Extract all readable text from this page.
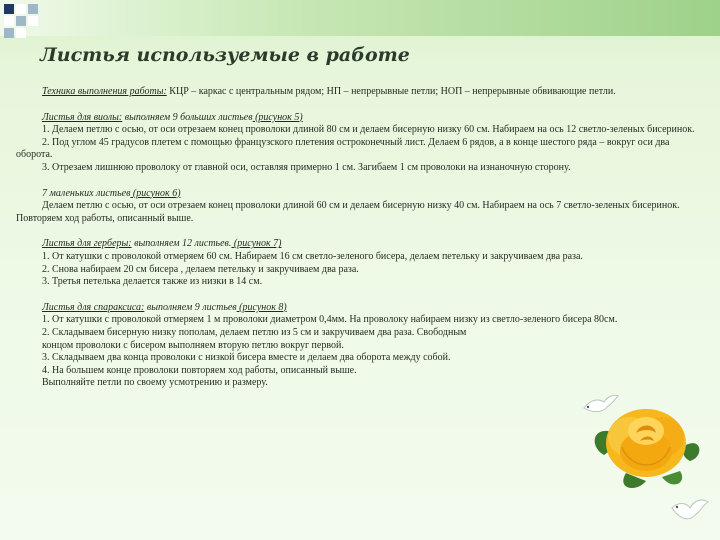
Листья используемые в работе

Техника выполнения работы: КЦР – каркас с центральным рядом; НП – непрерывные петли; НОП – непрерывные обвивающие петли.

Листья для виолы: выполняем 9 больших листьев (рисунок 5)

1. Делаем петлю с осью, от оси отрезаем конец проволоки длиной 80 см и делаем бисерную низку 60 см. Набираем на ось 12 светло-зеленых бисеринок.

2. Под углом 45 градусов плетем с помощью французского плетения остроконечный лист. Делаем 6 рядов, а в конце шестого ряда – вокруг оси два оборота.

3. Отрезаем лишнюю проволоку от главной оси, оставляя примерно 1 см. Загибаем 1 см проволоки на изнаночную сторону.

7 маленьких листьев (рисунок 6)

Делаем петлю с осью, от оси отрезаем конец проволоки длиной 60 см и делаем бисерную низку 40 см. Набираем на ось 7 светло-зеленых бисеринок. Повторяем ход работы, описанный выше.

Листья для герберы: выполняем 12 листьев. (рисунок 7)

1. От катушки с проволокой отмеряем 60 см. Набираем 16 см светло-зеленого бисера, делаем петельку и закручиваем два раза.

2. Снова набираем 20 см бисера , делаем петельку и закручиваем два раза.

3. Третья петелька делается также из низки в 14 см.

Листья для спараксиса: выполняем 9 листьев (рисунок 8)

1. От катушки с проволокой отмеряем 1 м проволоки диаметром 0,4мм. На проволоку набираем низку из светло-зеленого бисера 80см.

2. Складываем бисерную низку пополам, делаем петлю из 5 см и закручиваем два раза. Свободным

концом проволоки с бисером выполняем вторую петлю вокруг первой.

3. Складываем два конца проволоки с низкой бисера вместе и делаем два оборота между собой.

4. На большем конце проволоки повторяем ход работы, описанный выше.

Выполняйте петли по своему усмотрению и размеру.
